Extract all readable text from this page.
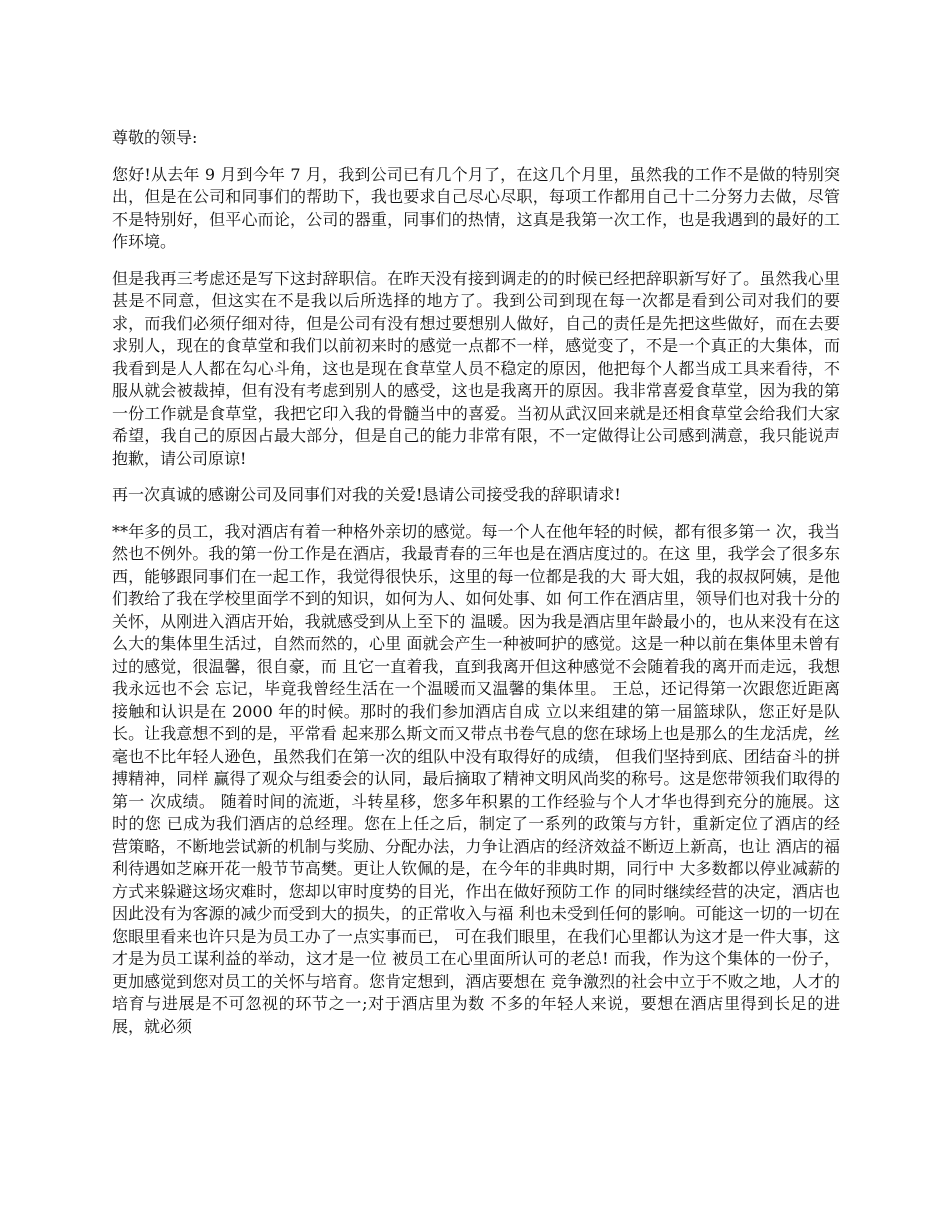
尊敬的领导:

您好!从去年 9 月到今年 7 月，我到公司已有几个月了，在这几个月里，虽然我的工作不是做的特别突出，但是在公司和同事们的帮助下，我也要求自己尽心尽职，每项工作都用自己十二分努力去做，尽管不是特别好，但平心而论，公司的器重，同事们的热情，这真是我第一次工作，也是我遇到的最好的工作环境。

但是我再三考虑还是写下这封辞职信。在昨天没有接到调走的的时候已经把辞职新写好了。虽然我心里甚是不同意，但这实在不是我以后所选择的地方了。我到公司到现在每一次都是看到公司对我们的要求，而我们必须仔细对待，但是公司有没有想过要想别人做好，自己的责任是先把这些做好，而在去要求别人，现在的食草堂和我们以前初来时的感觉一点都不一样，感觉变了，不是一个真正的大集体，而我看到是人人都在勾心斗角，这也是现在食草堂人员不稳定的原因，他把每个人都当成工具来看待，不服从就会被裁掉，但有没有考虑到别人的感受，这也是我离开的原因。我非常喜爱食草堂，因为我的第一份工作就是食草堂，我把它印入我的骨髓当中的喜爱。当初从武汉回来就是还相食草堂会给我们大家希望，我自己的原因占最大部分，但是自己的能力非常有限，不一定做得让公司感到满意，我只能说声抱歉，请公司原谅!

再一次真诚的感谢公司及同事们对我的关爱!恳请公司接受我的辞职请求!

**年多的员工，我对酒店有着一种格外亲切的感觉。每一个人在他年轻的时候，都有很多第一 次，我当然也不例外。我的第一份工作是在酒店，我最青春的三年也是在酒店度过的。在这 里，我学会了很多东西，能够跟同事们在一起工作，我觉得很快乐，这里的每一位都是我的大 哥大姐，我的叔叔阿姨，是他们教给了我在学校里面学不到的知识，如何为人、如何处事、如 何工作在酒店里，领导们也对我十分的关怀，从刚进入酒店开始，我就感受到从上至下的 温暖。因为我是酒店里年龄最小的，也从来没有在这么大的集体里生活过，自然而然的，心里 面就会产生一种被呵护的感觉。这是一种以前在集体里未曾有过的感觉，很温馨，很自豪，而 且它一直着我，直到我离开但这种感觉不会随着我的离开而走远，我想我永远也不会 忘记，毕竟我曾经生活在一个温暖而又温馨的集体里。 王总，还记得第一次跟您近距离接触和认识是在 2000 年的时候。那时的我们参加酒店自成 立以来组建的第一届篮球队，您正好是队长。让我意想不到的是，平常看 起来那么斯文而又带点书卷气息的您在球场上也是那么的生龙活虎，丝毫也不比年轻人逊色，虽然我们在第一次的组队中没有取得好的成绩， 但我们坚持到底、团结奋斗的拼搏精神，同样 赢得了观众与组委会的认同，最后摘取了精神文明风尚奖的称号。这是您带领我们取得的第一 次成绩。 随着时间的流逝，斗转星移，您多年积累的工作经验与个人才华也得到充分的施展。这时的您 已成为我们酒店的总经理。您在上任之后，制定了一系列的政策与方针，重新定位了酒店的经 营策略，不断地尝试新的机制与奖励、分配办法，力争让酒店的经济效益不断迈上新高，也让 酒店的福利待遇如芝麻开花一般节节高樊。更让人钦佩的是，在今年的非典时期，同行中 大多数都以停业减薪的方式来躲避这场灾难时，您却以审时度势的目光，作出在做好预防工作 的同时继续经营的决定，酒店也因此没有为客源的减少而受到大的损失，的正常收入与福 利也未受到任何的影响。可能这一切的一切在您眼里看来也许只是为员工办了一点实事而已， 可在我们眼里，在我们心里都认为这才是一件大事，这才是为员工谋利益的举动，这才是一位 被员工在心里面所认可的老总! 而我，作为这个集体的一份子，更加感觉到您对员工的关怀与培育。您肯定想到，酒店要想在 竞争激烈的社会中立于不败之地，人才的培育与进展是不可忽视的环节之一;对于酒店里为数 不多的年轻人来说，要想在酒店里得到长足的进展，就必须
